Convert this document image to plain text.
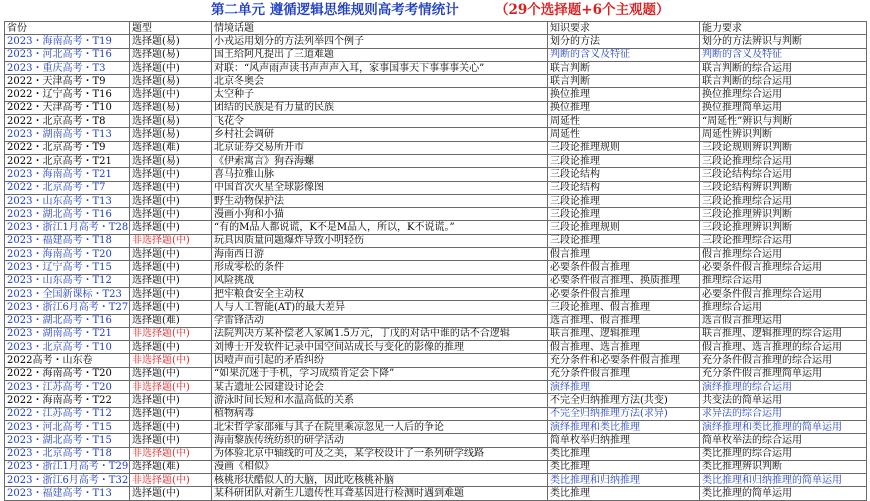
第二单元 遵循逻辑思维规则高考考情统计	（29个选择题+6个主观题）
省份	题型	情境话题	知识要求	能力要求
2023・海南高考・T19	选择题(易)	小戎运用划分的方法列举四个例子	划分的方法	划分的方法辨识与判断
2023・河北高考・T16	选择题(易)	国王给阿凡提出了三道难题	判断的含义及特征	判断的含义及特征
2023・重庆高考・T3	选择题(中)	对联：“风声雨声读书声声声入耳，家事国事天下事事事关心”	联言判断	联言判断的综合运用
2022・天津高考・T9	选择题(易)	北京冬奥会	联言判断	联言判断的综合运用
2022・辽宁高考・T16	选择题(中)	太空种子	换位推理	换位推理综合运用
2022・天津高考・T10	选择题(易)	团结的民族是有力量的民族	换位推理	换位推理简单运用
2022・北京高考・T8	选择题(易)	飞花令	周延性	“周延性”辨识与判断
2023・湖南高考・T13	选择题(易)	乡村社会调研	周延性	周延性辨识判断
2022・北京高考・T9	选择题(难)	北京证券交易所开市	三段论推理规则	三段论规则辨识判断
2022・北京高考・T21	选择题(易)	《伊索寓言》狗吞海螺	三段论推理	三段论推理综合运用
2023・海南高考・T21	选择题(中)	喜马拉雅山脉	三段论结构	三段论结构综合运用
2022・北京高考・T7	选择题(中)	中国首次火星全球影像图	三段论结构	三段论结构辨识判断
2023・山东高考・T13	选择题(中)	野生动物保护法	三段论推理	三段论推理综合运用
2023・湖北高考・T16	选择题(中)	漫画小狗和小猫	三段论推理	三段论推理辨识判断
2023・浙江1月高考・T28	选择题(中)	“有的M品人都说谎，K不是M品人，所以，K不说谎。”	三段论推理规则	三段论推理辨识判断
2023・福建高考・T18	非选择题(中)	玩具因质量问题爆炸导致小明轻伤	三段论推理	三段论推理综合运用
2023・海南高考・T20	选择题(中)	海南西日游	假言推理	假言推理综合运用
2023・辽宁高考・T15	选择题(中)	形成零松的条件	必要条件假言推理	必要条件假言推理综合运用
2023・山东高考・T12	选择题(中)	风险挑战	必要条件假言推理、换质推理	推理综合运用
2023・全国新课标・T23	选择题(中)	把牢粮食安全主动权	必要条件假言推理	必要条件假言推理综合运用
2023・浙江6月高考・T27	选择题(中)	人与人工智能(AT)的最大差异	三段论推理、假言推理	推理综合运用
2023・湖北高考・T16	选择题(难)	学雷锋活动	选言推理、假言推理	选言假言推理运用
2023・湖南高考・T21	非选择题(中)	法院判决方某补偿老人家属1.5万元，丁戊的对话中谁的话不合逻辑	联言推理、逻辑推理	联言推理、逻辑推理的综合运用
2023・北京高考・T10	选择题(中)	刘博士开发软件记录中国空间站成长与变化的影像的推理	假言推理、选言推理	假言推理、选言推理的综合运用
2022高考・山东卷	非选择题(中)	因噎声而引起的矛盾纠纷	充分条件和必要条件假言推理	充分条件假言推理的综合运用
2022・海南高考・T20	选择题(中)	“如果沉迷于手机，学习成绩肯定会下降”	充分条件假言推理	充分条件假言推理简单运用
2023・江苏高考・T20	非选择题(中)	某古遗址公园建设讨论会	演绎推理	演绎推理的综合运用
2022・海南高考・T22	选择题(中)	游泳时间长短和水温高低的关系	不完全归纳推理方法(共变)	共变法的简单运用
2022・江苏高考・T12	选择题(中)	植物病毒	不完全归纳推理方法(求异)	求异法的综合运用
2023・河北高考・T15	选择题(中)	北宋哲学家邵雍与其子在院里乘凉忽见一人后的争论	演绎推理和类比推理	演绎推理和类比推理的简单运用
2023・湖北高考・T15	选择题(中)	海南黎族传统纺织的研学活动	简单枚举归纳推理	简单枚举法的综合运用
2023・北京高考・T18	非选择题(中)	为体验北京中轴线的可及之美，某学校设计了一系列研学线路	类比推理	类比推理的综合运用
2023・浙江1月高考・T29	选择题(难)	漫画《相似》	类比推理	类比推理辨识判断
2023・浙江6月高考・T32	非选择题(中)	核桃形状酷似人的大脑，因此吃核桃补脑	类比推理和归纳推理	类比推理和归纳推理的简单运用
2023・福建高考・T13	选择题(中)	某科研团队对新生儿遗传性耳聋基因进行检测时遇到难题	类比推理	类比推理的简单运用
